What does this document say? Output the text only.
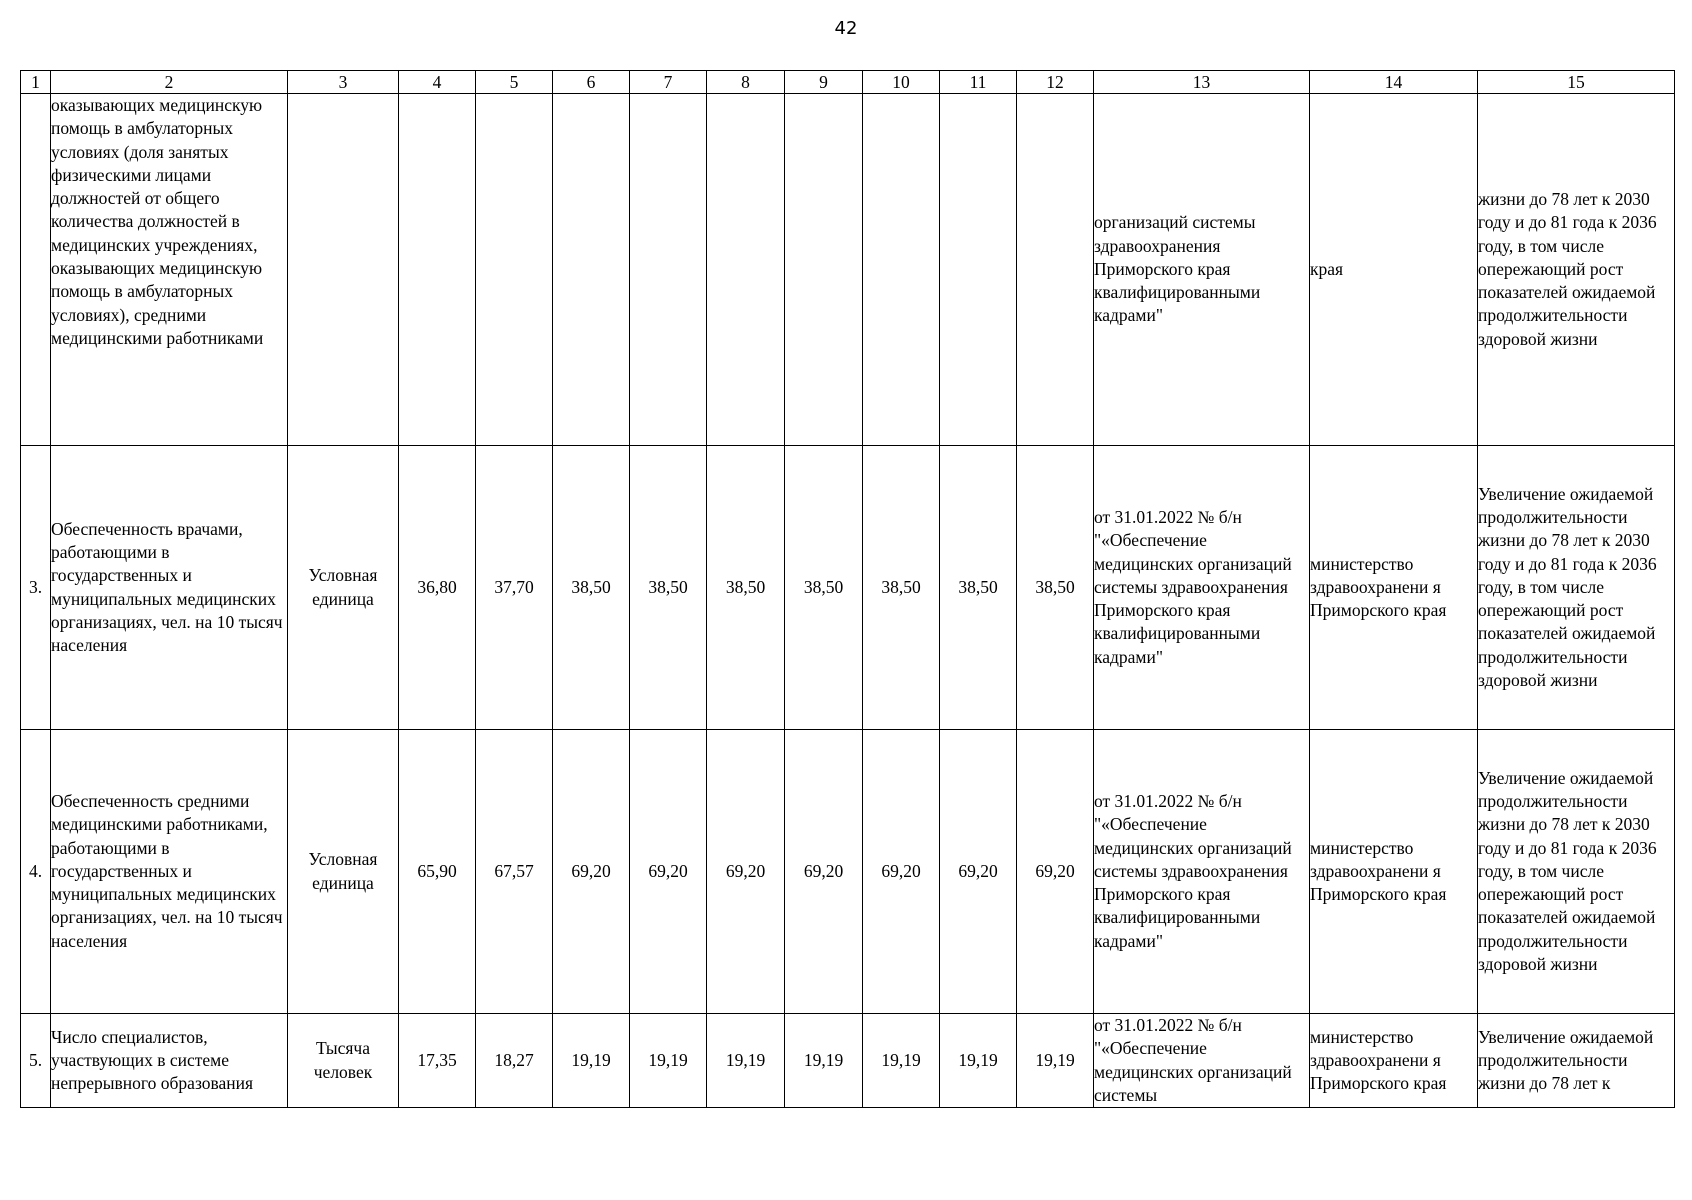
42
1	2	3	4	5	6	7	8	9	10	11	12	13	14	15
	оказывающих медицинскую помощь в амбулаторных условиях (доля занятых физическими лицами должностей от общего количества должностей в медицинских учреждениях, оказывающих медицинскую помощь в амбулаторных условиях), средними медицинскими работниками											организаций системы здравоохранения Приморского края квалифицированными кадрами"	края	жизни до 78 лет к 2030 году и до 81 года к 2036 году, в том числе опережающий рост показателей ожидаемой продолжительности здоровой жизни
3.	Обеспеченность врачами, работающими в государственных и муниципальных медицинских организациях, чел. на 10 тысяч населения	Условная единица	36,80	37,70	38,50	38,50	38,50	38,50	38,50	38,50	38,50	от 31.01.2022 № б/н "«Обеспечение медицинских организаций системы здравоохранения Приморского края квалифицированными кадрами"	министерство здравоохранени я Приморского края	Увеличение ожидаемой продолжительности жизни до 78 лет к 2030 году и до 81 года к 2036 году, в том числе опережающий рост показателей ожидаемой продолжительности здоровой жизни
4.	Обеспеченность средними медицинскими работниками, работающими в государственных и муниципальных медицинских организациях, чел. на 10 тысяч населения	Условная единица	65,90	67,57	69,20	69,20	69,20	69,20	69,20	69,20	69,20	от 31.01.2022 № б/н "«Обеспечение медицинских организаций системы здравоохранения Приморского края квалифицированными кадрами"	министерство здравоохранени я Приморского края	Увеличение ожидаемой продолжительности жизни до 78 лет к 2030 году и до 81 года к 2036 году, в том числе опережающий рост показателей ожидаемой продолжительности здоровой жизни
5.	Число специалистов, участвующих в системе непрерывного образования	Тысяча человек	17,35	18,27	19,19	19,19	19,19	19,19	19,19	19,19	19,19	от 31.01.2022 № б/н "«Обеспечение медицинских организаций системы	министерство здравоохранени я Приморского края	Увеличение ожидаемой продолжительности жизни до 78 лет к
